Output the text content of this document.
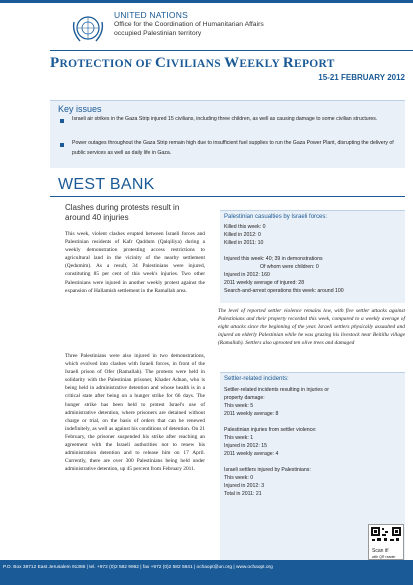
UNITED NATIONS
Office for the Coordination of Humanitarian Affairs
occupied Palestinian territory
PROTECTION OF CIVILIANS WEEKLY REPORT
15-21 FEBRUARY 2012
Key issues
Israeli air strikes in the Gaza Strip injured 15 civilians, including three children, as well as causing damage to some civilian structures.
Power outages throughout the Gaza Strip remain high due to insufficient fuel supplies to run the Gaza Power Plant, disrupting the delivery of public services as well as daily life in Gaza.
WEST BANK
Clashes during protests result in around 40 injuries
This week, violent clashes erupted between Israeli forces and Palestinian residents of Kafr Qaddum (Qalqiliya) during a weekly demonstration protesting access restrictions to agricultural land in the vicinity of the nearby settlement (Qedumim). As a result, 34 Palestinians were injured, constituting 85 per cent of this week's injuries. Two other Palestinians were injured in another weekly protest against the expansion of Hallamish settlement in the Ramallah area.
Three Palestinians were also injured in two demonstrations, which evolved into clashes with Israeli forces, in front of the Israeli prison of Ofer (Ramallah). The protests were held in solidarity with the Palestinian prisoner, Khader Adnan, who is being held in administrative detention and whose health is in a critical state after being on a hunger strike for 66 days. The hunger strike has been held to protest Israel's use of administrative detention, where prisoners are detained without charge or trial, on the basis of orders that can be renewed indefinitely, as well as against his conditions of detention. On 21 February, the prisoner suspended his strike after reaching an agreement with the Israeli authorities not to renew his administration detention and to release him on 17 April. Currently, there are over 300 Palestinians being held under administrative detention, up 45 percent from February 2011.
Palestinian casualties by Israeli forces:
Killed this week: 0
Killed in 2012: 0
Killed in 2011: 10
Injured this week: 40; 39 in demonstrations
Of whom were children: 0
Injured in 2012: 160
2011 weekly average of injured: 28
Search-and-arrest operations this week: around 100
The level of reported settler violence remains low, with five settler attacks against Palestinians and their property recorded this week, compared to a weekly average of eight attacks since the beginning of the year. Israeli settlers physically assaulted and injured an elderly Palestinian while he was grazing his livestock near Beitillu village (Ramallah). Settlers also uprooted ten olive trees and damaged
Settler-related incidents:
Settler-related incidents resulting in injuries or
property damage:
This week: 5
2011 weekly average: 8
Palestinian injuries from settler violence:
This week: 1
Injured in 2012: 15
2011 weekly average: 4
Israeli settlers injured by Palestinians:
This week: 0
Injured in 2012: 3
Total in 2011: 21
P.O. Box 38712 East Jerusalem 91386 | tel. +972 (0)2 582 9962 | fax +972 (0)2 582 5841 | ochaopt@un.org | www.ochaopt.org
Scan it!
with QR reader
